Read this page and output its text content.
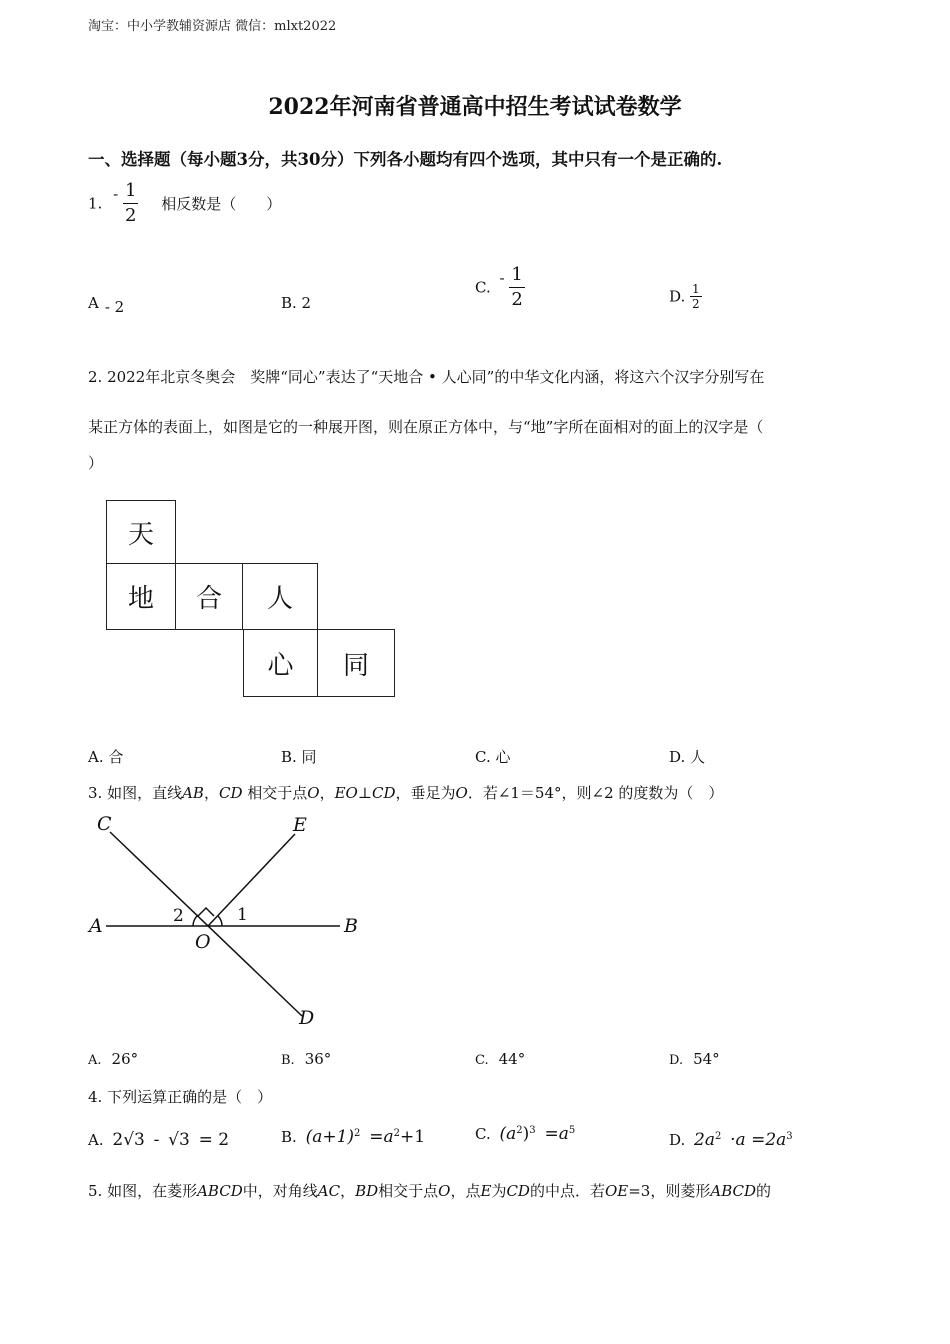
淘宝：中小学教辅资源店 微信：mlxt2022
2022年河南省普通高中招生考试试卷数学
一、选择题（每小题3分，共30分）下列各小题均有四个选项，其中只有一个是正确的.
1. - $\frac{1}{2}$ 相反数是（　　）
A - 2	B. 2
C. - $\frac{1}{2}$	D. $\frac{1}{2}$
2. 2022年北京冬奥会　奖牌“同心”表达了“天地合 • 人心同”的中华文化内涵，将这六个汉字分别写在
某正方体的表面上，如图是它的一种展开图，则在原正方体中，与“地”字所在面相对的面上的汉字是（
）
天
地	合	人
心	同
A. 合	B. 同	C. 心	D. 人
3. 如图，直线AB，CD 相交于点O，EO⊥CD，垂足为O．若∠1＝54°，则∠2 的度数为（　）
C	E
A	B
O
D
2	1
A. 26°	B. 36°	C. 44°	D. 54°
4. 下列运算正确的是（　）
A. 2√3 - √3 = 2	B. $(a+1)^2 =a^2+1$	C. $(a^2)^3 =a^5$
D. $2a^2 \cdot a =2a^3$
5. 如图，在菱形ABCD中，对角线AC，BD相交于点O，点E为CD的中点．若OE=3，则菱形ABCD的
